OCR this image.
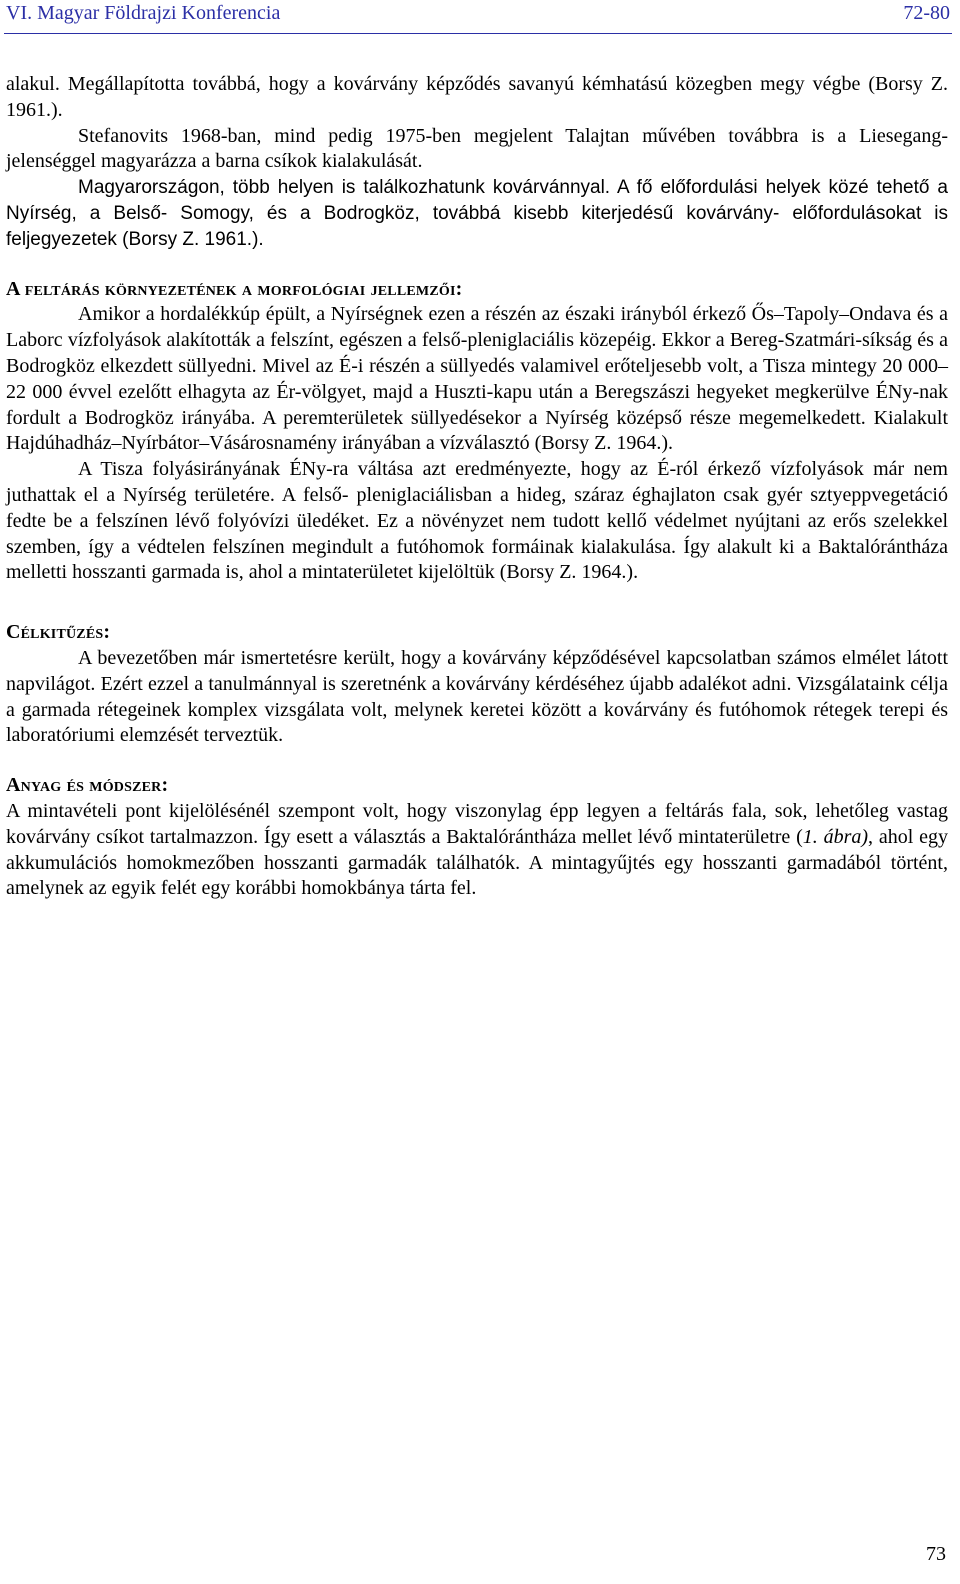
VI. Magyar Földrajzi Konferencia	72-80

alakul. Megállapította továbbá, hogy a kovárvány képződés savanyú kémhatású közegben megy végbe (Borsy Z. 1961.).

Stefanovits 1968-ban, mind pedig 1975-ben megjelent Talajtan művében továbbra is a Liesegang- jelenséggel magyarázza a barna csíkok kialakulását.

Magyarországon, több helyen is találkozhatunk kovárvánnyal. A fő előfordulási helyek közé tehető a Nyírség, a Belső- Somogy, és a Bodrogköz, továbbá kisebb kiterjedésű kovárvány- előfordulásokat is feljegyezetek (Borsy Z. 1961.).

A feltárás környezetének a morfológiai jellemzői:

Amikor a hordalékkúp épült, a Nyírségnek ezen a részén az északi irányból érkező Ős–Tapoly–Ondava és a Laborc vízfolyások alakították a felszínt, egészen a felső-pleniglaciális közepéig. Ekkor a Bereg-Szatmári-síkság és a Bodrogköz elkezdett süllyedni. Mivel az É-i részén a süllyedés valamivel erőteljesebb volt, a Tisza mintegy 20 000–22 000 évvel ezelőtt elhagyta az Ér-völgyet, majd a Huszti-kapu után a Beregszászi hegyeket megkerülve ÉNy-nak fordult a Bodrogköz irányába. A peremterületek süllyedésekor a Nyírség középső része megemelkedett. Kialakult Hajdúhadház–Nyírbátor–Vásárosnamény irányában a vízválasztó (Borsy Z. 1964.).

A Tisza folyásirányának ÉNy-ra váltása azt eredményezte, hogy az É-ról érkező vízfolyások már nem juthattak el a Nyírség területére. A felső- pleniglaciálisban a hideg, száraz éghajlaton csak gyér sztyeppvegetáció fedte be a felszínen lévő folyóvízi üledéket. Ez a növényzet nem tudott kellő védelmet nyújtani az erős szelekkel szemben, így a védtelen felszínen megindult a futóhomok formáinak kialakulása. Így alakult ki a Baktalórántháza melletti hosszanti garmada is, ahol a mintaterületet kijelöltük (Borsy Z. 1964.).

Célkitűzés:

A bevezetőben már ismertetésre került, hogy a kovárvány képződésével kapcsolatban számos elmélet látott napvilágot. Ezért ezzel a tanulmánnyal is szeretnénk a kovárvány kérdéséhez újabb adalékot adni. Vizsgálataink célja a garmada rétegeinek komplex vizsgálata volt, melynek keretei között a kovárvány és futóhomok rétegek terepi és laboratóriumi elemzését terveztük.

Anyag és módszer:

A mintavételi pont kijelölésénél szempont volt, hogy viszonylag épp legyen a feltárás fala, sok, lehetőleg vastag kovárvány csíkot tartalmazzon. Így esett a választás a Baktalórántháza mellet lévő mintaterületre (1. ábra), ahol egy akkumulációs homokmezőben hosszanti garmadák találhatók. A mintagyűjtés egy hosszanti garmadából történt, amelynek az egyik felét egy korábbi homokbánya tárta fel.

73
